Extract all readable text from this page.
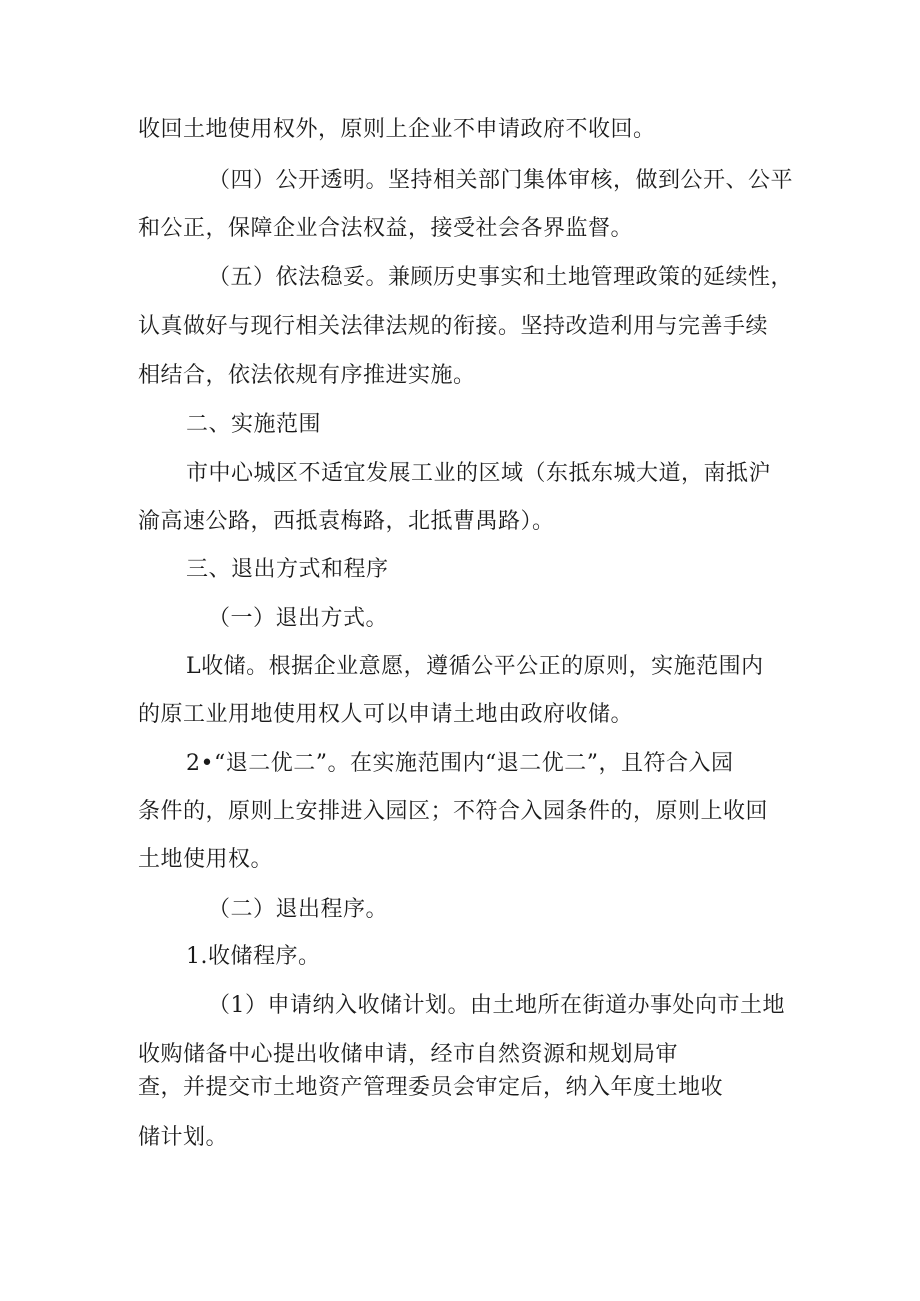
收回土地使用权外，原则上企业不申请政府不收回。
（四）公开透明。坚持相关部门集体审核，做到公开、公平
和公正，保障企业合法权益，接受社会各界监督。
（五）依法稳妥。兼顾历史事实和土地管理政策的延续性，
认真做好与现行相关法律法规的衔接。坚持改造利用与完善手续
相结合，依法依规有序推进实施。
二、实施范围
市中心城区不适宜发展工业的区域（东抵东城大道，南抵沪
渝高速公路，西抵袁梅路，北抵曹禺路）。
三、退出方式和程序
（一）退出方式。
L收储。根据企业意愿，遵循公平公正的原则，实施范围内
的原工业用地使用权人可以申请土地由政府收储。
2•“退二优二”。在实施范围内“退二优二”，且符合入园
条件的，原则上安排进入园区；不符合入园条件的，原则上收回
土地使用权。
（二）退出程序。
1.收储程序。
（1）申请纳入收储计划。由土地所在街道办事处向市土地
收购储备中心提出收储申请，经市自然资源和规划局审
查，并提交市土地资产管理委员会审定后，纳入年度土地收
储计划。
